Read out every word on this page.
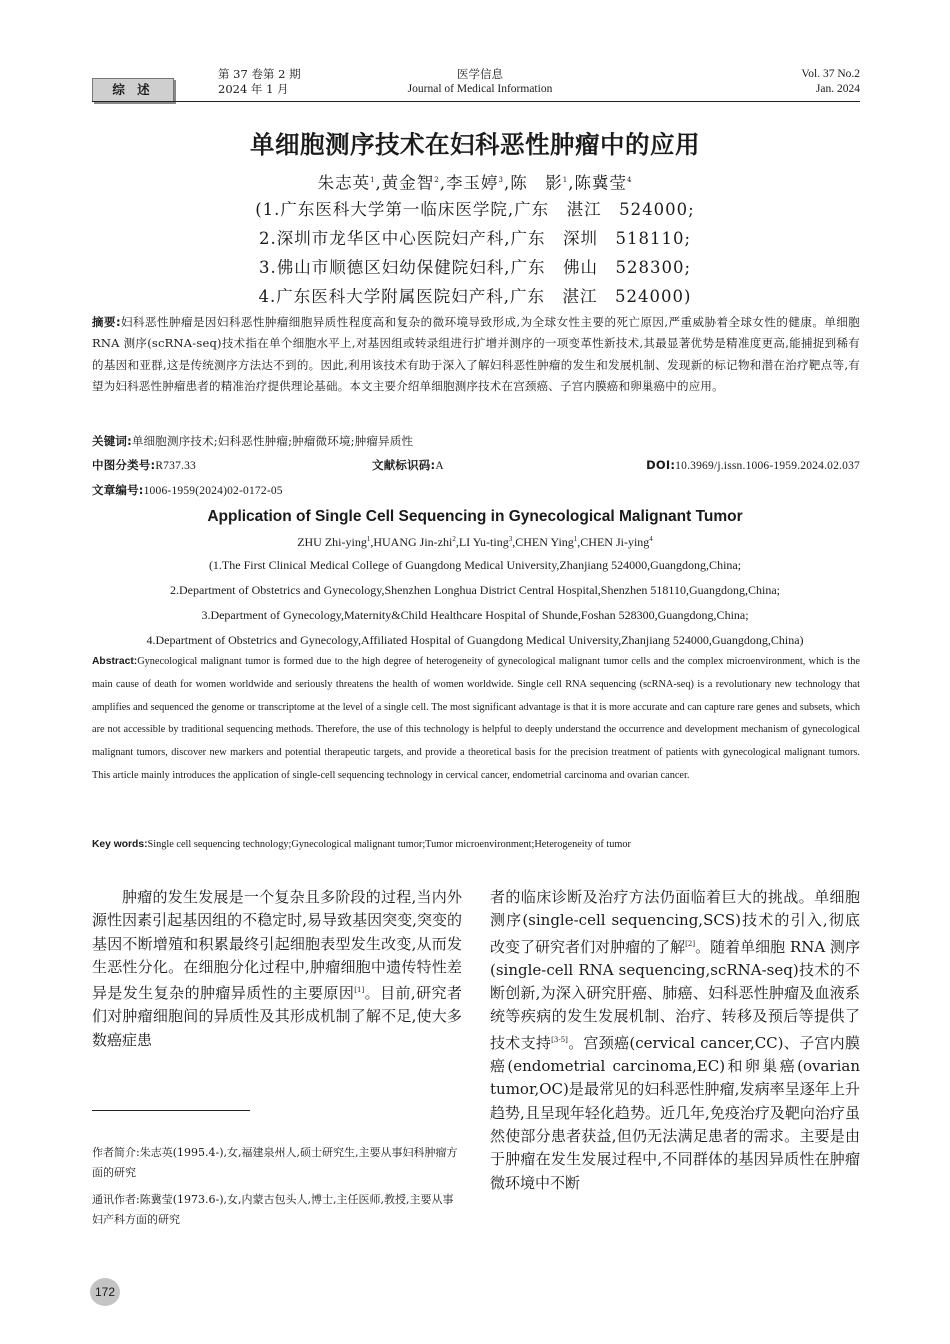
综 述
第 37 卷第 2 期
2024 年 1 月
医学信息
Journal of Medical Information
Vol. 37 No.2
Jan. 2024
单细胞测序技术在妇科恶性肿瘤中的应用
朱志英$^1$,黄金智$^2$,李玉婷$^3$,陈　影$^1$,陈冀莹$^4$
(1.广东医科大学第一临床医学院,广东　湛江　524000;
2.深圳市龙华区中心医院妇产科,广东　深圳　518110;
3.佛山市顺德区妇幼保健院妇科,广东　佛山　528300;
4.广东医科大学附属医院妇产科,广东　湛江　524000)
摘要:妇科恶性肿瘤是因妇科恶性肿瘤细胞异质性程度高和复杂的微环境导致形成,为全球女性主要的死亡原因,严重威胁着全球女性的健康。单细胞 RNA 测序(scRNA-seq)技术指在单个细胞水平上,对基因组或转录组进行扩增并测序的一项变革性新技术,其最显著优势是精准度更高,能捕捉到稀有的基因和亚群,这是传统测序方法达不到的。因此,利用该技术有助于深入了解妇科恶性肿瘤的发生和发展机制、发现新的标记物和潜在治疗靶点等,有望为妇科恶性肿瘤患者的精准治疗提供理论基础。本文主要介绍单细胞测序技术在宫颈癌、子宫内膜癌和卵巢癌中的应用。
关键词:单细胞测序技术;妇科恶性肿瘤;肿瘤微环境;肿瘤异质性
中图分类号:R737.33	文献标识码:A	DOI:10.3969/j.issn.1006-1959.2024.02.037
文章编号:1006-1959(2024)02-0172-05
Application of Single Cell Sequencing in Gynecological Malignant Tumor
ZHU Zhi-ying$^1$,HUANG Jin-zhi$^2$,LI Yu-ting$^3$,CHEN Ying$^1$,CHEN Ji-ying$^4$
(1.The First Clinical Medical College of Guangdong Medical University,Zhanjiang 524000,Guangdong,China;
2.Department of Obstetrics and Gynecology,Shenzhen Longhua District Central Hospital,Shenzhen 518110,Guangdong,China;
3.Department of Gynecology,Maternity&Child Healthcare Hospital of Shunde,Foshan 528300,Guangdong,China;
4.Department of Obstetrics and Gynecology,Affiliated Hospital of Guangdong Medical University,Zhanjiang 524000,Guangdong,China)
Abstract:Gynecological malignant tumor is formed due to the high degree of heterogeneity of gynecological malignant tumor cells and the complex microenvironment, which is the main cause of death for women worldwide and seriously threatens the health of women worldwide. Single cell RNA sequencing (scRNA-seq) is a revolutionary new technology that amplifies and sequenced the genome or transcriptome at the level of a single cell. The most significant advantage is that it is more accurate and can capture rare genes and subsets, which are not accessible by traditional sequencing methods. Therefore, the use of this technology is helpful to deeply understand the occurrence and development mechanism of gynecological malignant tumors, discover new markers and potential therapeutic targets, and provide a theoretical basis for the precision treatment of patients with gynecological malignant tumors. This article mainly introduces the application of single-cell sequencing technology in cervical cancer, endometrial carcinoma and ovarian cancer.
Key words:Single cell sequencing technology;Gynecological malignant tumor;Tumor microenvironment;Heterogeneity of tumor
肿瘤的发生发展是一个复杂且多阶段的过程,当内外源性因素引起基因组的不稳定时,易导致基因突变,突变的基因不断增殖和积累最终引起细胞表型发生改变,从而发生恶性分化。在细胞分化过程中,肿瘤细胞中遗传特性差异是发生复杂的肿瘤异质性的主要原因[1]。目前,研究者们对肿瘤细胞间的异质性及其形成机制了解不足,使大多数癌症患
者的临床诊断及治疗方法仍面临着巨大的挑战。单细胞测序(single-cell sequencing,SCS)技术的引入,彻底改变了研究者们对肿瘤的了解[2]。随着单细胞 RNA 测序(single-cell RNA sequencing,scRNA-seq)技术的不断创新,为深入研究肝癌、肺癌、妇科恶性肿瘤及血液系统等疾病的发生发展机制、治疗、转移及预后等提供了技术支持[3-5]。宫颈癌(cervical cancer,CC)、子宫内膜癌(endometrial carcinoma,EC)和卵巢癌(ovarian tumor,OC)是最常见的妇科恶性肿瘤,发病率呈逐年上升趋势,且呈现年轻化趋势。近几年,免疫治疗及靶向治疗虽然使部分患者获益,但仍无法满足患者的需求。主要是由于肿瘤在发生发展过程中,不同群体的基因异质性在肿瘤微环境中不断
作者简介:朱志英(1995.4-),女,福建泉州人,硕士研究生,主要从事妇科肿瘤方面的研究
通讯作者:陈冀莹(1973.6-),女,内蒙古包头人,博士,主任医师,教授,主要从事妇产科方面的研究
172
